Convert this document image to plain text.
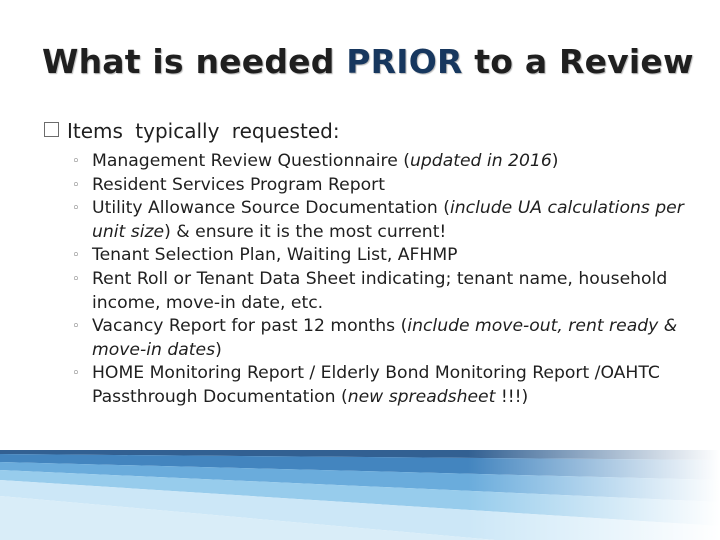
What is needed PRIOR to a Review
Items typically requested:
◦ Management Review Questionnaire (updated in 2016)
◦ Resident Services Program Report
◦ Utility Allowance Source Documentation (include UA calculations per unit size) & ensure it is the most current!
◦ Tenant Selection Plan, Waiting List, AFHMP
◦ Rent Roll or Tenant Data Sheet indicating; tenant name, household income, move-in date, etc.
◦ Vacancy Report for past 12 months (include move-out, rent ready & move-in dates)
◦ HOME Monitoring Report / Elderly Bond Monitoring Report /OAHTC Passthrough Documentation (new spreadsheet !!!)
